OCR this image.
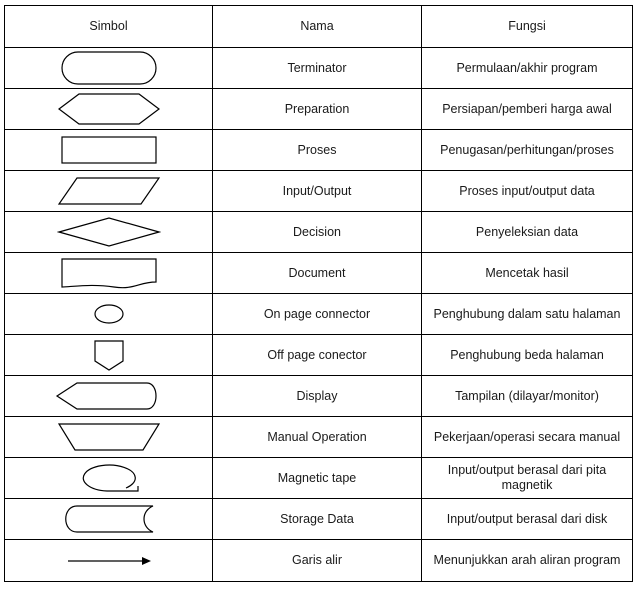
Simbol	Nama	Fungsi

	Terminator	Permulaan/akhir program

	Preparation	Persiapan/pemberi harga awal

	Proses	Penugasan/perhitungan/proses

	Input/Output	Proses input/output data

	Decision	Penyeleksian data

	Document	Mencetak hasil

	On page connector	Penghubung dalam satu halaman

	Off page conector	Penghubung beda halaman

	Display	Tampilan (dilayar/monitor)

	Manual Operation	Pekerjaan/operasi secara manual

	Magnetic tape	Input/output berasal dari pita magnetik

	Storage Data	Input/output berasal dari disk

	Garis alir	Menunjukkan arah aliran program
